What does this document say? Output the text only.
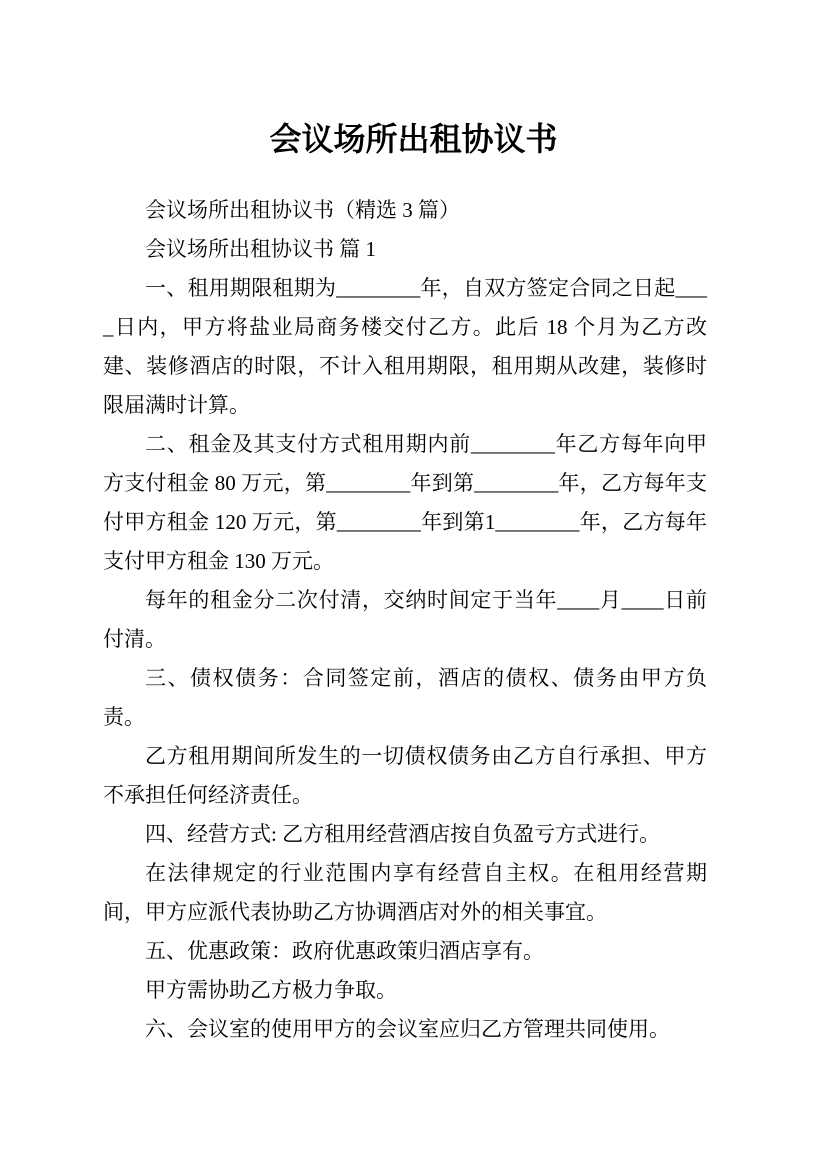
会议场所出租协议书

会议场所出租协议书（精选 3 篇）

会议场所出租协议书 篇 1

一、租用期限租期为________年，自双方签定合同之日起____日内，甲方将盐业局商务楼交付乙方。此后 18 个月为乙方改建、装修酒店的时限，不计入租用期限，租用期从改建，装修时限届满时计算。

二、租金及其支付方式租用期内前________年乙方每年向甲方支付租金 80 万元，第________年到第________年，乙方每年支付甲方租金 120 万元，第________年到第1________年，乙方每年支付甲方租金 130 万元。

每年的租金分二次付清，交纳时间定于当年____月____日前付清。

三、债权债务：合同签定前，酒店的债权、债务由甲方负责。

乙方租用期间所发生的一切债权债务由乙方自行承担、甲方不承担任何经济责任。

四、经营方式: 乙方租用经营酒店按自负盈亏方式进行。

在法律规定的行业范围内享有经营自主权。在租用经营期间，甲方应派代表协助乙方协调酒店对外的相关事宜。

五、优惠政策：政府优惠政策归酒店享有。

甲方需协助乙方极力争取。

六、会议室的使用甲方的会议室应归乙方管理共同使用。
